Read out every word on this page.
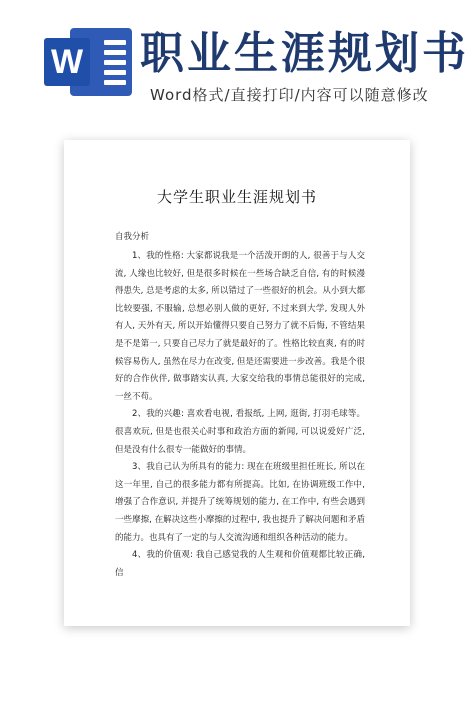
W 职业生涯规划书
Word格式/直接打印/内容可以随意修改
大学生职业生涯规划书
自我分析

1、我的性格: 大家都说我是一个活泼开朗的人, 很善于与人交流, 人缘也比较好, 但是很多时候在一些场合缺乏自信, 有的时候漫得患失, 总是考虑的太多, 所以错过了一些很好的机会。从小到大都比较要强, 不服输, 总想必别人做的更好, 不过来到大学, 发现人外有人, 天外有天, 所以开始懂得只要自己努力了就不后悔, 不管结果是不是第一, 只要自己尽力了就是最好的了。性格比较直爽, 有的时候容易伤人, 虽然在尽力在改变, 但是还需要进一步改善。我是个很好的合作伙伴, 做事踏实认真, 大家交给我的事情总能很好的完成, 一丝不苟。

2、我的兴趣: 喜欢看电视, 看报纸, 上网, 逛街, 打羽毛球等。很喜欢玩, 但是也很关心时事和政治方面的新闻, 可以说爱好广泛, 但是没有什么很专一能做好的事情。

3、我自己认为所具有的能力: 现在在班级里担任班长, 所以在这一年里, 自己的很多能力都有所提高。比如, 在协调班级工作中, 增强了合作意识, 并提升了统筹规划的能力, 在工作中, 有些会遇到一些摩擦, 在解决这些小摩擦的过程中, 我也提升了解决问题和矛盾的能力。也具有了一定的与人交流沟通和组织各种活动的能力。

4、我的价值观: 我自己感觉我的人生观和价值观都比较正确, 信
